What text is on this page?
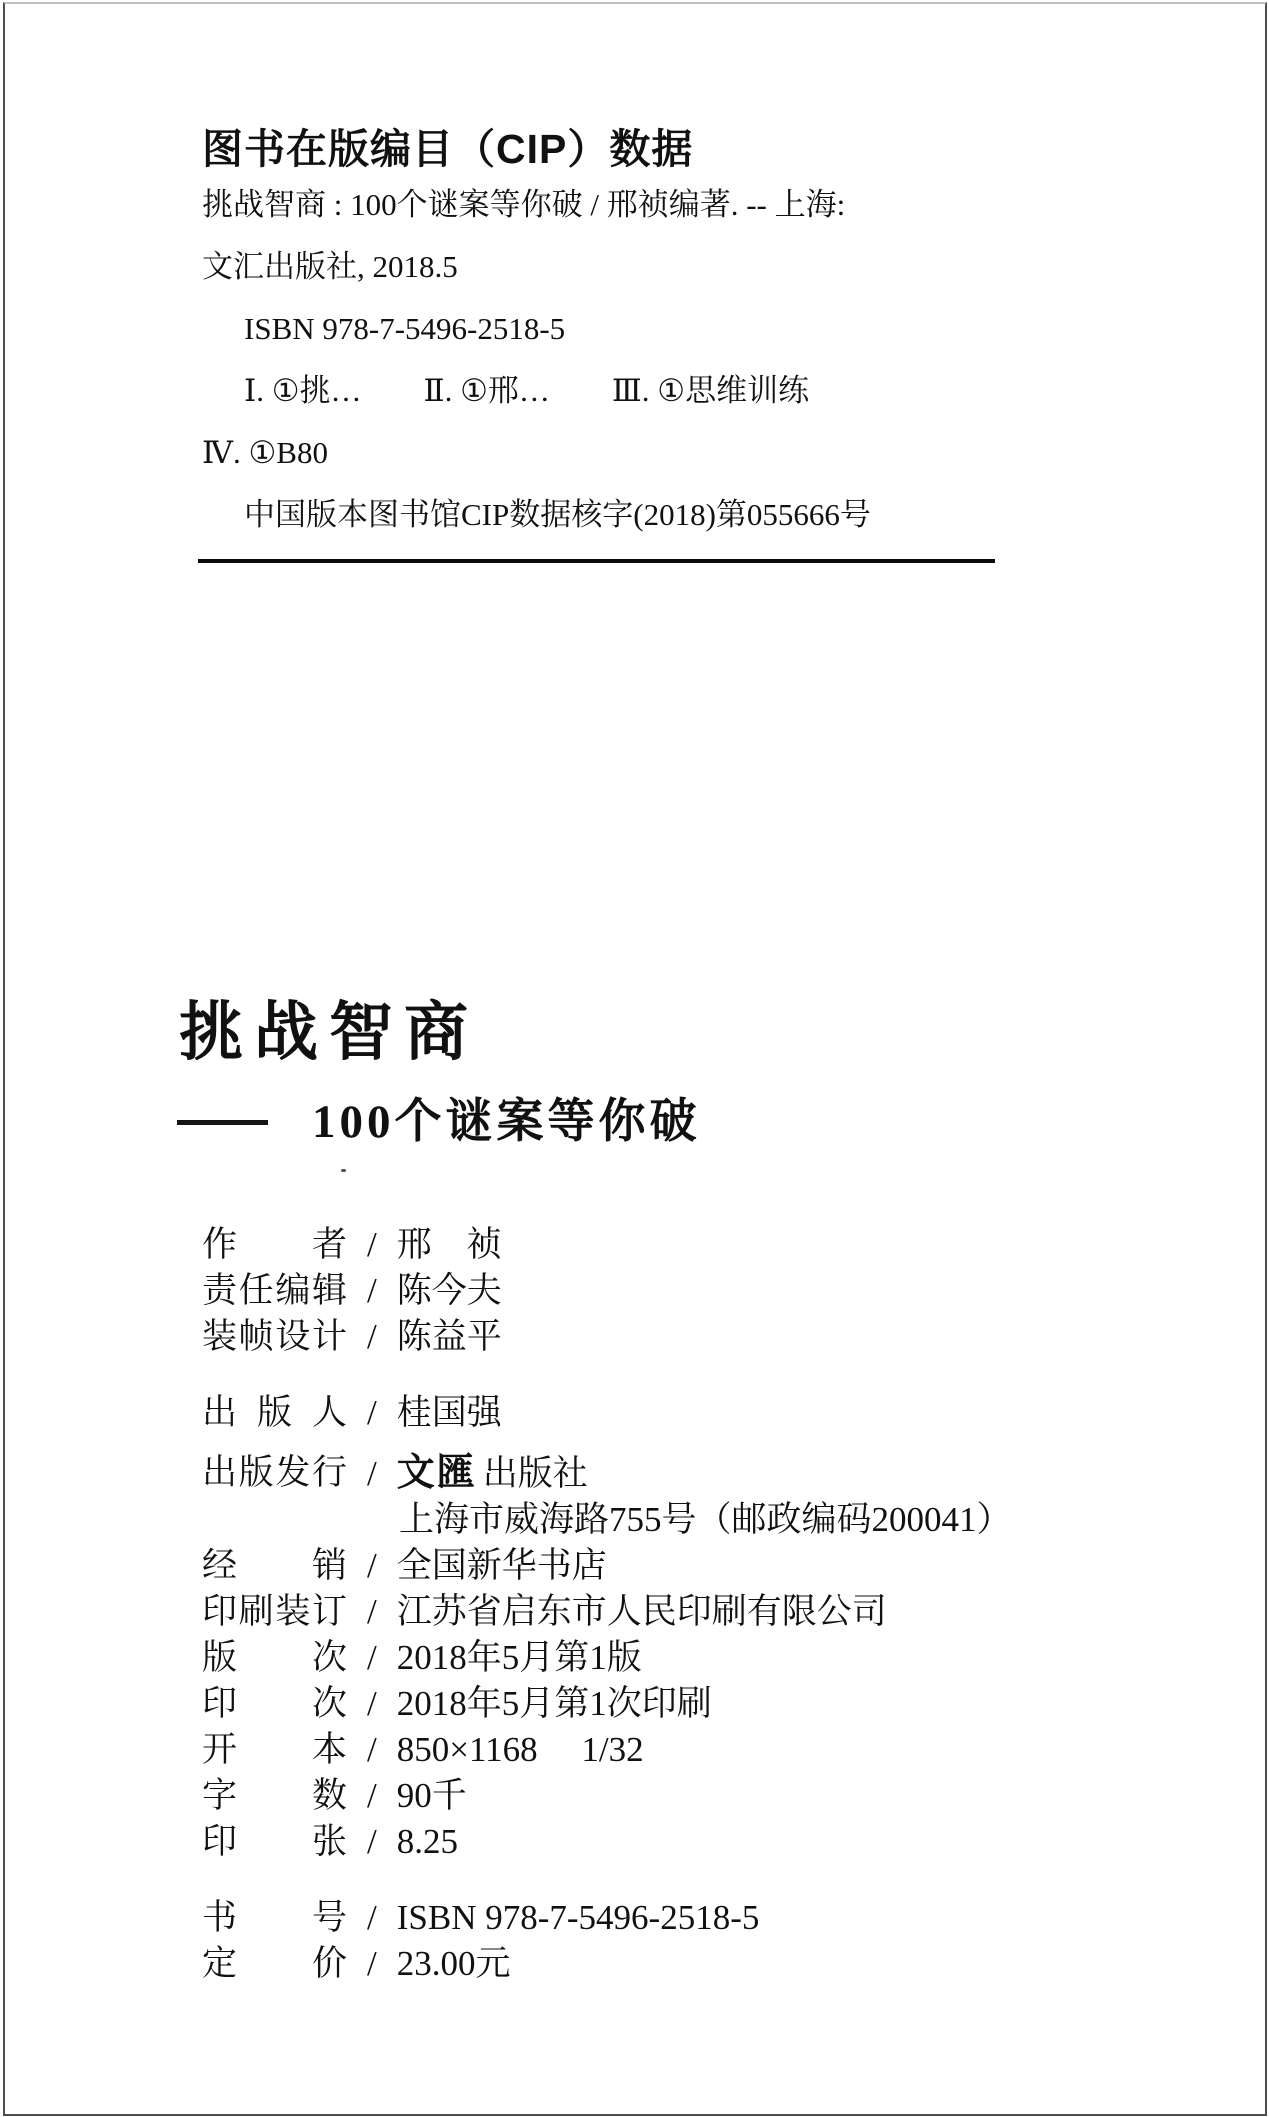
图书在版编目（CIP）数据
挑战智商 : 100个谜案等你破 / 邢祯编著. -- 上海:
文汇出版社, 2018.5
ISBN 978-7-5496-2518-5
Ⅰ. ①挑…　　Ⅱ. ①邢…　　Ⅲ. ①思维训练
Ⅳ. ①B80
中国版本图书馆CIP数据核字(2018)第055666号
挑战智商
100个谜案等你破
作者 / 邢　祯
责任编辑 / 陈今夫
装帧设计 / 陈益平
出版人 / 桂国强
出版发行 / 文匯 出版社
上海市威海路755号（邮政编码200041）
经销 / 全国新华书店
印刷装订 / 江苏省启东市人民印刷有限公司
版次 / 2018年5月第1版
印次 / 2018年5月第1次印刷
开本 / 850×1168　 1/32
字数 / 90千
印张 / 8.25
书号 / ISBN 978-7-5496-2518-5
定价 / 23.00元
